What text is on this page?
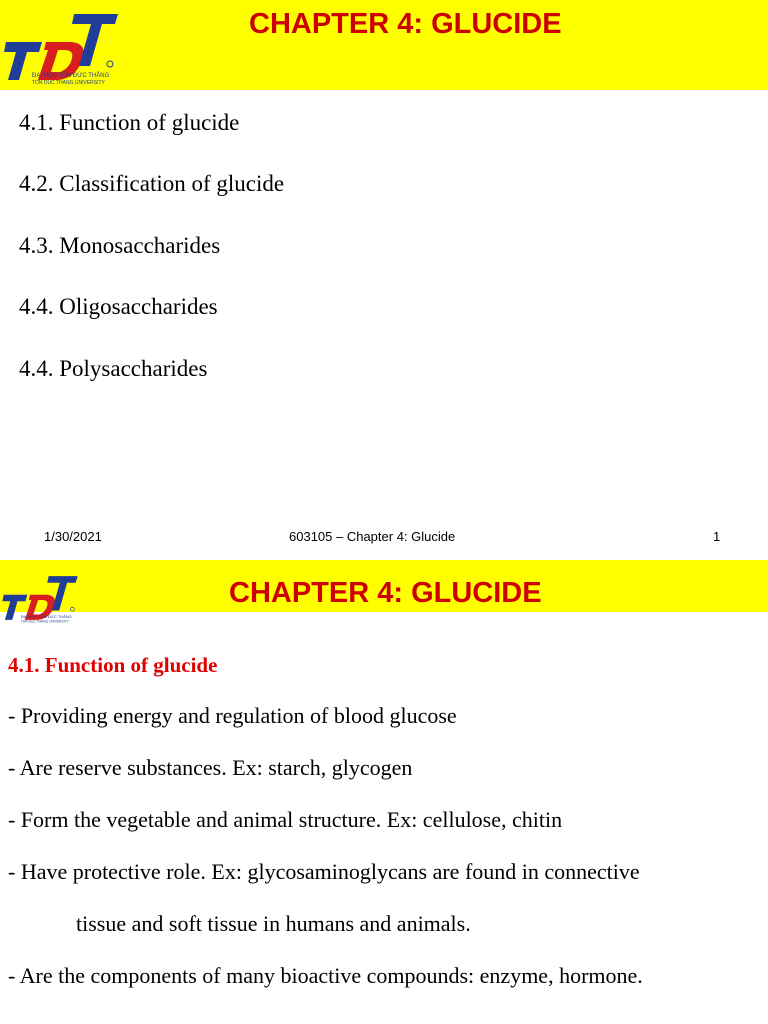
ĐẠI HỌC TÔN ĐỨC THẮNG
TON DUC THANG UNIVERSITY
CHAPTER 4: GLUCIDE
4.1. Function of glucide
4.2. Classification of glucide
4.3. Monosaccharides
4.4. Oligosaccharides
4.4. Polysaccharides
1/30/2021	603105 – Chapter 4: Glucide	1
ĐẠI HỌC TÔN ĐỨC THẮNG
TON DUC THANG UNIVERSITY
CHAPTER 4: GLUCIDE
4.1. Function of glucide
- Providing energy and regulation of blood glucose
- Are reserve substances. Ex: starch, glycogen
- Form the vegetable and animal structure. Ex: cellulose, chitin
- Have protective role. Ex: glycosaminoglycans are found in connective
tissue and soft tissue in humans and animals.
- Are the components of many bioactive compounds: enzyme, hormone.
